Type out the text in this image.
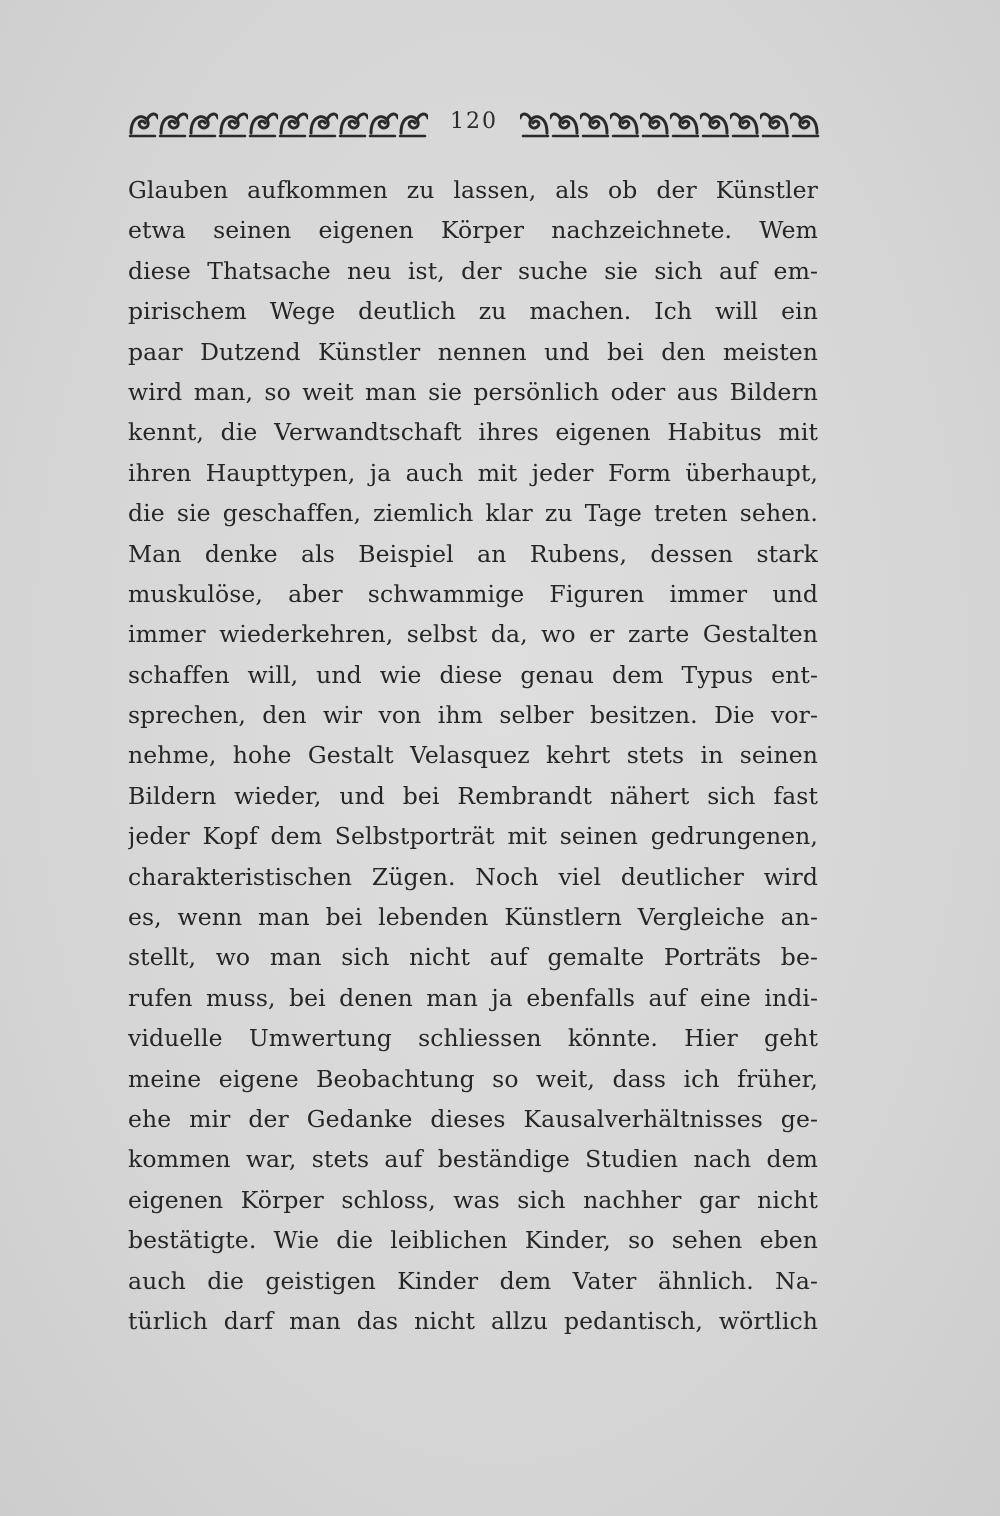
120
Glauben aufkommen zu lassen, als ob der Künstler
etwa seinen eigenen Körper nachzeichnete. Wem
diese Thatsache neu ist, der suche sie sich auf em-
pirischem Wege deutlich zu machen. Ich will ein
paar Dutzend Künstler nennen und bei den meisten
wird man, so weit man sie persönlich oder aus Bildern
kennt, die Verwandtschaft ihres eigenen Habitus mit
ihren Haupttypen, ja auch mit jeder Form überhaupt,
die sie geschaffen, ziemlich klar zu Tage treten sehen.
Man denke als Beispiel an Rubens, dessen stark
muskulöse, aber schwammige Figuren immer und
immer wiederkehren, selbst da, wo er zarte Gestalten
schaffen will, und wie diese genau dem Typus ent-
sprechen, den wir von ihm selber besitzen. Die vor-
nehme, hohe Gestalt Velasquez kehrt stets in seinen
Bildern wieder, und bei Rembrandt nähert sich fast
jeder Kopf dem Selbstporträt mit seinen gedrungenen,
charakteristischen Zügen. Noch viel deutlicher wird
es, wenn man bei lebenden Künstlern Vergleiche an-
stellt, wo man sich nicht auf gemalte Porträts be-
rufen muss, bei denen man ja ebenfalls auf eine indi-
viduelle Umwertung schliessen könnte. Hier geht
meine eigene Beobachtung so weit, dass ich früher,
ehe mir der Gedanke dieses Kausalverhältnisses ge-
kommen war, stets auf beständige Studien nach dem
eigenen Körper schloss, was sich nachher gar nicht
bestätigte. Wie die leiblichen Kinder, so sehen eben
auch die geistigen Kinder dem Vater ähnlich. Na-
türlich darf man das nicht allzu pedantisch, wörtlich
